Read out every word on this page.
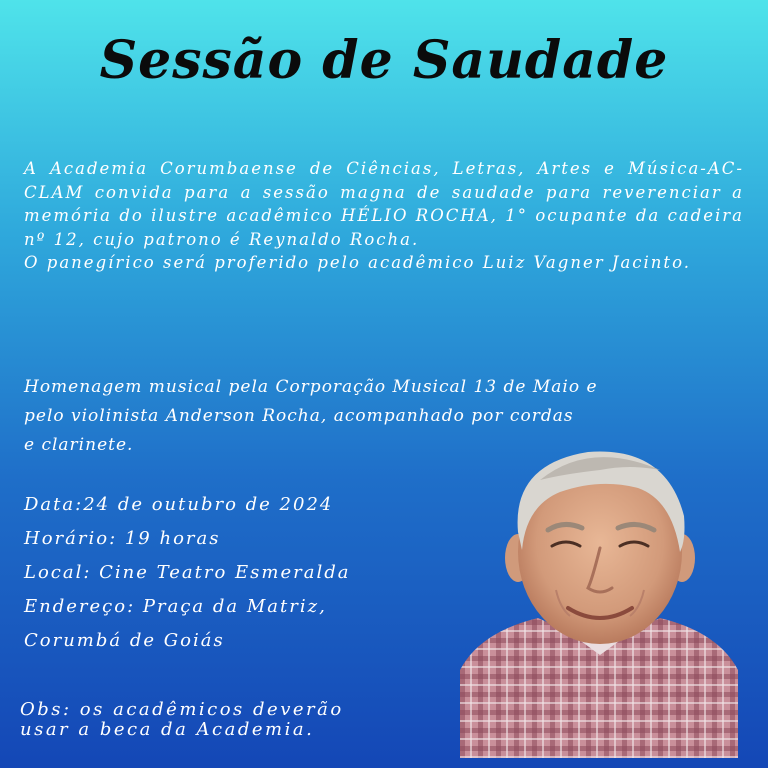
Sessão de Saudade

A Academia Corumbaense de Ciências, Letras, Artes e Música-AC-CLAM convida para a sessão magna de saudade para reverenciar a memória do ilustre acadêmico HÉLIO ROCHA, 1° ocupante da cadeira nº 12, cujo patrono é Reynaldo Rocha.

O panegírico será proferido pelo acadêmico Luiz Vagner Jacinto.

Homenagem musical pela Corporação Musical 13 de Maio e

pelo violinista Anderson Rocha, acompanhado por cordas

e clarinete.

Data:24 de outubro de 2024
Horário: 19 horas
Local: Cine Teatro Esmeralda
Endereço: Praça da Matriz,
Corumbá de Goiás

Obs: os acadêmicos deverão

usar a beca da Academia.
